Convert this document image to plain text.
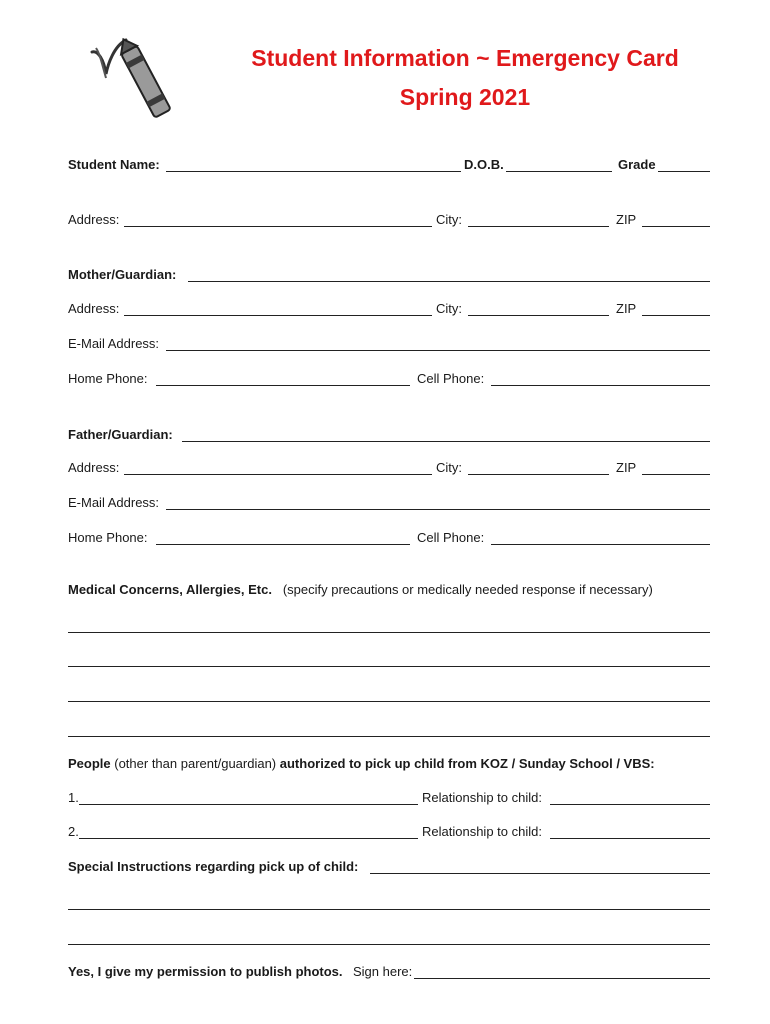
Student Information ~ Emergency Card
Spring 2021
Student Name:	D.O.B.	Grade
Address:	City:	ZIP
Mother/Guardian:
Address:	City:	ZIP
E-Mail Address:
Home Phone:	Cell Phone:
Father/Guardian:
Address:	City:	ZIP
E-Mail Address:
Home Phone:	Cell Phone:
Medical Concerns, Allergies, Etc. (specify precautions or medically needed response if necessary)
People (other than parent/guardian) authorized to pick up child from KOZ / Sunday School / VBS:
1.	Relationship to child:
2.	Relationship to child:
Special Instructions regarding pick up of child:
Yes, I give my permission to publish photos. Sign here:
